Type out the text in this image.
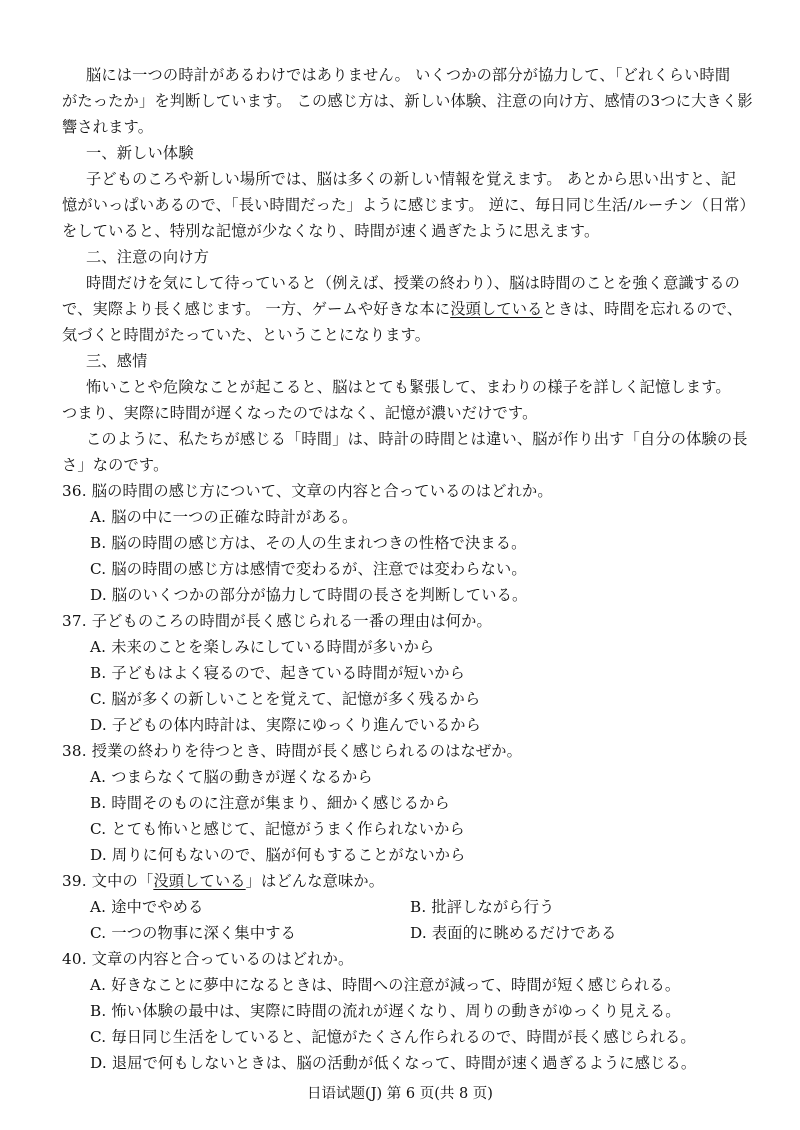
脳には一つの時計があるわけではありません。 いくつかの部分が協力して、「どれくらい時間
がたったか」を判断しています。 この感じ方は、新しい体験、注意の向け方、感情の3つに大きく影
響されます。
一、新しい体験
子どものころや新しい場所では、脳は多くの新しい情報を覚えます。 あとから思い出すと、記
憶がいっぱいあるので、「長い時間だった」ように感じます。 逆に、毎日同じ生活/ルーチン（日常）
をしていると、特別な記憶が少なくなり、時間が速く過ぎたように思えます。
二、注意の向け方
時間だけを気にして待っていると（例えば、授業の終わり）、脳は時間のことを強く意識するの
で、実際より長く感じます。 一方、ゲームや好きな本に没頭しているときは、時間を忘れるので、
気づくと時間がたっていた、ということになります。
三、感情
怖いことや危険なことが起こると、脳はとても緊張して、まわりの様子を詳しく記憶します。
つまり、実際に時間が遅くなったのではなく、記憶が濃いだけです。
このように、私たちが感じる「時間」は、時計の時間とは違い、脳が作り出す「自分の体験の長
さ」なのです。
36. 脳の時間の感じ方について、文章の内容と合っているのはどれか。
A. 脳の中に一つの正確な時計がある。
B. 脳の時間の感じ方は、その人の生まれつきの性格で決まる。
C. 脳の時間の感じ方は感情で変わるが、注意では変わらない。
D. 脳のいくつかの部分が協力して時間の長さを判断している。
37. 子どものころの時間が長く感じられる一番の理由は何か。
A. 未来のことを楽しみにしている時間が多いから
B. 子どもはよく寝るので、起きている時間が短いから
C. 脳が多くの新しいことを覚えて、記憶が多く残るから
D. 子どもの体内時計は、実際にゆっくり進んでいるから
38. 授業の終わりを待つとき、時間が長く感じられるのはなぜか。
A. つまらなくて脳の動きが遅くなるから
B. 時間そのものに注意が集まり、細かく感じるから
C. とても怖いと感じて、記憶がうまく作られないから
D. 周りに何もないので、脳が何もすることがないから
39. 文中の「没頭している」はどんな意味か。
A. 途中でやめる	B. 批評しながら行う
C. 一つの物事に深く集中する	D. 表面的に眺めるだけである
40. 文章の内容と合っているのはどれか。
A. 好きなことに夢中になるときは、時間への注意が減って、時間が短く感じられる。
B. 怖い体験の最中は、実際に時間の流れが遅くなり、周りの動きがゆっくり見える。
C. 毎日同じ生活をしていると、記憶がたくさん作られるので、時間が長く感じられる。
D. 退屈で何もしないときは、脳の活動が低くなって、時間が速く過ぎるように感じる。
日语试题(J) 第 6 页(共 8 页)
